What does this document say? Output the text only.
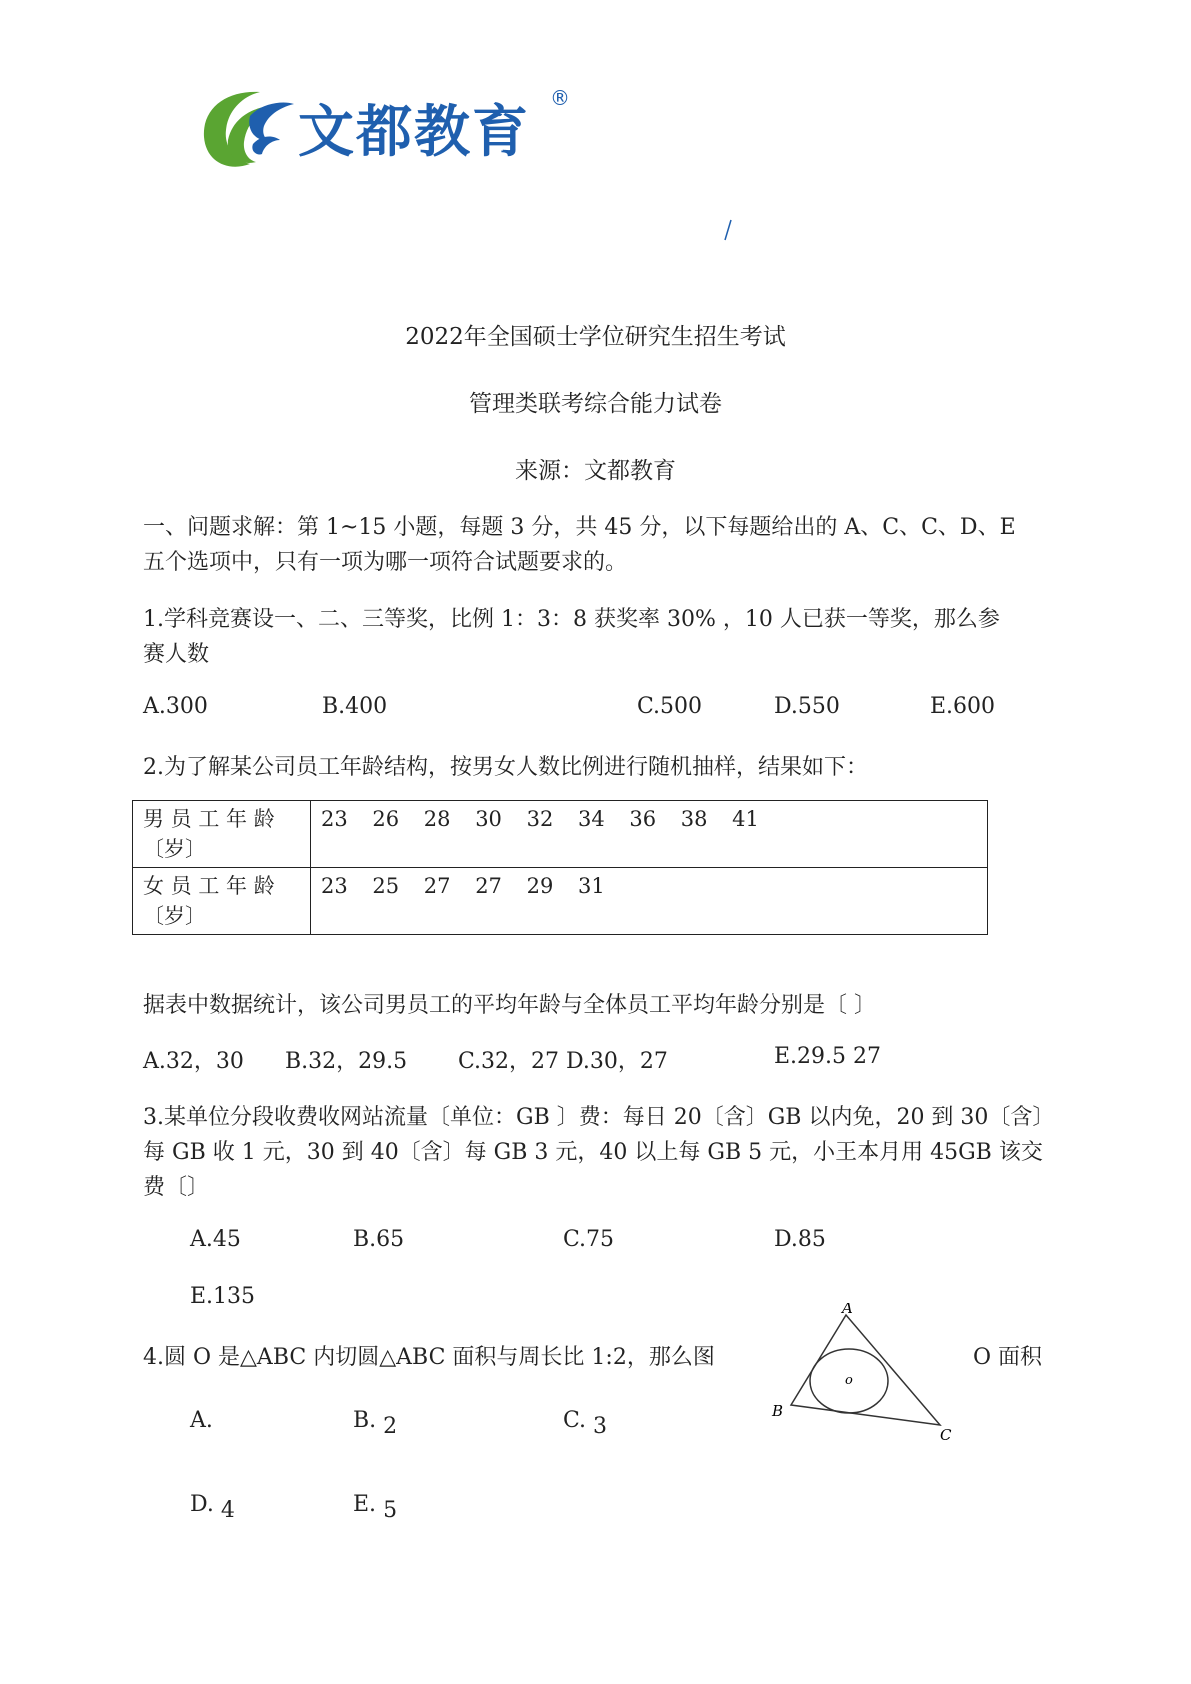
文都教育
®
2022年全国硕士学位研究生招生考试
管理类联考综合能力试卷
来源：文都教育
一、问题求解：第 1~15 小题，每题 3 分，共 45 分，以下每题给出的 A、C、C、D、E
五个选项中，只有一项为哪一项符合试题要求的。
1.学科竞赛设一、二、三等奖，比例 1：3：8 获奖率 30% ，10 人已获一等奖，那么参
赛人数
A.300	B.400	C.500	D.550	E.600
2.为了解某公司员工年龄结构，按男女人数比例进行随机抽样，结果如下：
男 员 工 年 龄
〔岁〕	23 26 28 30 32 34 36 38 41

女 员 工 年 龄
〔岁〕	23 25 27 27 29 31
据表中数据统计，该公司男员工的平均年龄与全体员工平均年龄分别是〔 〕
A.32，30 B.32，29.5 C.32，27 D.30，27	E.29.5 27
3.某单位分段收费收网站流量〔单位：GB 〕费：每日 20〔含〕GB 以内免，20 到 30〔含〕
每 GB 收 1 元，30 到 40〔含〕每 GB 3 元，40 以上每 GB 5 元，小王本月用 45GB 该交
费〔〕
A.45	B.65	C.75	D.85
E.135
4.圆 O 是△ABC 内切圆△ABC 面积与周长比 1:2，那么图	O 面积
A
B
C
o
A.	B. 2	C. 3
D. 4	E. 5
